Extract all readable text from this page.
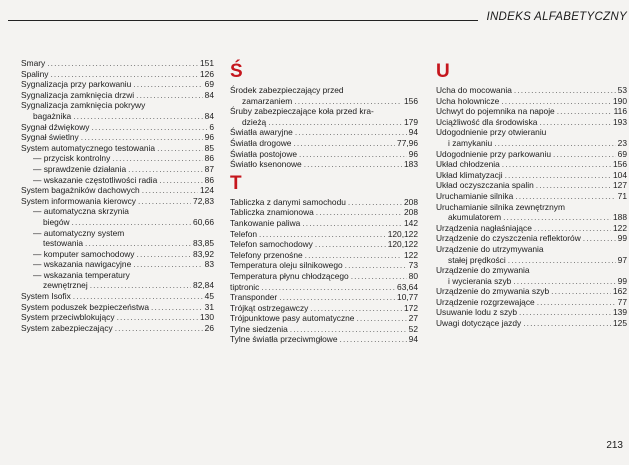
INDEKS ALFABETYCZNY
Smary . . .	151
Spaliny . . .	126
Sygnalizacja przy parkowaniu . . .	69
Sygnalizacja zamknięcia drzwi . . .	84
Sygnalizacja zamknięcia pokrywy
bagażnika . . .	84
Sygnał dźwiękowy . . .	6
Sygnał świetlny . . .	96
System automatycznego testowania . . .	85
— przycisk kontrolny . . .	86
— sprawdzenie działania . . .	87
— wskazanie częstotliwości radia . . .	86
System bagażników dachowych . . .	124
System informowania kierowcy . . .	72,83
— automatyczna skrzynia
biegów . . .	60,66
— automatyczny system
testowania . . .	83,85
— komputer samochodowy . . .	83,92
— wskazania nawigacyjne . . .	83
— wskazania temperatury
zewnętrznej . . .	82,84
System Isofix . . .	45
System poduszek bezpieczeństwa . . .	31
System przeciwblokujący . . .	130
System zabezpieczający . . .	26
Ś
Środek zabezpieczający przed
zamarzaniem . . .	156
Śruby zabezpieczające koła przed kra-
dzieżą . . .	179
Światła awaryjne . . .	94
Światła drogowe . . .	77,96
Światła postojowe . . .	96
Światło ksenonowe . . .	183
T
Tabliczka z danymi samochodu . . .	208
Tabliczka znamionowa . . .	208
Tankowanie paliwa . . .	142
Telefon . . .	120,122
Telefon samochodowy . . .	120,122
Telefony przenośne . . .	122
Temperatura oleju silnikowego . . .	73
Temperatura płynu chłodzącego . . .	80
tiptronic . . .	63,64
Transponder . . .	10,77
Trójkąt ostrzegawczy . . .	172
Trójpunktowe pasy automatyczne . . .	27
Tylne siedzenia . . .	52
Tylne światła przeciwmgłowe . . .	94
U
Ucha do mocowania . . .	53
Ucha holownicze . . .	190
Uchwyt do pojemnika na napoje . . .	116
Uciążliwość dla środowiska . . .	193
Udogodnienie przy otwieraniu
i zamykaniu . . .	23
Udogodnienie przy parkowaniu . . .	69
Układ chłodzenia . . .	156
Układ klimatyzacji . . .	104
Układ oczyszczania spalin . . .	127
Uruchamianie silnika . . .	71
Uruchamianie silnika zewnętrznym
akumulatorem . . .	188
Urządzenia nagłaśniające . . .	122
Urządzenie do czyszczenia reflektorów . . .	99
Urządzenie do utrzymywania
stałej prędkości . . .	97
Urządzenie do zmywania
i wycierania szyb . . .	99
Urządzenie do zmywania szyb . . .	162
Urządzenie rozgrzewające . . .	77
Usuwanie lodu z szyb . . .	139
Uwagi dotyczące jazdy . . .	125
213
